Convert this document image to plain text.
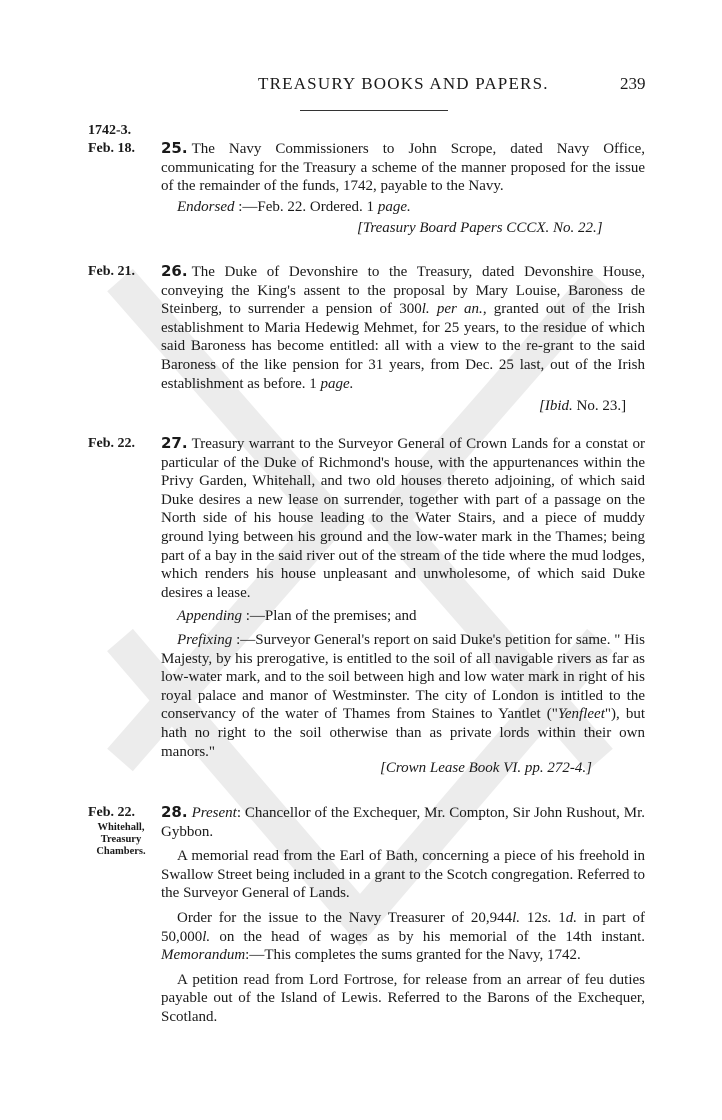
TREASURY BOOKS AND PAPERS.	239
1742-3.
Feb. 18.	25. The Navy Commissioners to John Scrope, dated Navy Office, communicating for the Treasury a scheme of the manner proposed for the issue of the remainder of the funds, 1742, payable to the Navy.

Endorsed :—Feb. 22. Ordered. 1 page.

[Treasury Board Papers CCCX. No. 22.]
Feb. 21.	26. The Duke of Devonshire to the Treasury, dated Devonshire House, conveying the King's assent to the proposal by Mary Louise, Baroness de Steinberg, to surrender a pension of 300l. per an., granted out of the Irish establishment to Maria Hedewig Mehmet, for 25 years, to the residue of which said Baroness has become entitled: all with a view to the re-grant to the said Baroness of the like pension for 31 years, from Dec. 25 last, out of the Irish establishment as before. 1 page.

[Ibid. No. 23.]
Feb. 22.	27. Treasury warrant to the Surveyor General of Crown Lands for a constat or particular of the Duke of Richmond's house, with the appurtenances within the Privy Garden, Whitehall, and two old houses thereto adjoining, of which said Duke desires a new lease on surrender, together with part of a passage on the North side of his house leading to the Water Stairs, and a piece of muddy ground lying between his ground and the low-water mark in the Thames; being part of a bay in the said river out of the stream of the tide where the mud lodges, which renders his house unpleasant and unwholesome, of which said Duke desires a lease.

Appending :—Plan of the premises; and

Prefixing :—Surveyor General's report on said Duke's petition for same. " His Majesty, by his prerogative, is entitled to the soil of all navigable rivers as far as low-water mark, and to the soil between high and low water mark in right of his royal palace and manor of Westminster. The city of London is intitled to the conservancy of the water of Thames from Staines to Yantlet ("Yenfleet"), but hath no right to the soil otherwise than as private lords within their own manors."

[Crown Lease Book VI. pp. 272-4.]
Feb. 22.
Whitehall,
Treasury
Chambers.

28. Present: Chancellor of the Exchequer, Mr. Compton, Sir John Rushout, Mr. Gybbon.

A memorial read from the Earl of Bath, concerning a piece of his freehold in Swallow Street being included in a grant to the Scotch congregation. Referred to the Surveyor General of Lands.

Order for the issue to the Navy Treasurer of 20,944l. 12s. 1d. in part of 50,000l. on the head of wages as by his memorial of the 14th instant. Memorandum:—This completes the sums granted for the Navy, 1742.

A petition read from Lord Fortrose, for release from an arrear of feu duties payable out of the Island of Lewis. Referred to the Barons of the Exchequer, Scotland.
